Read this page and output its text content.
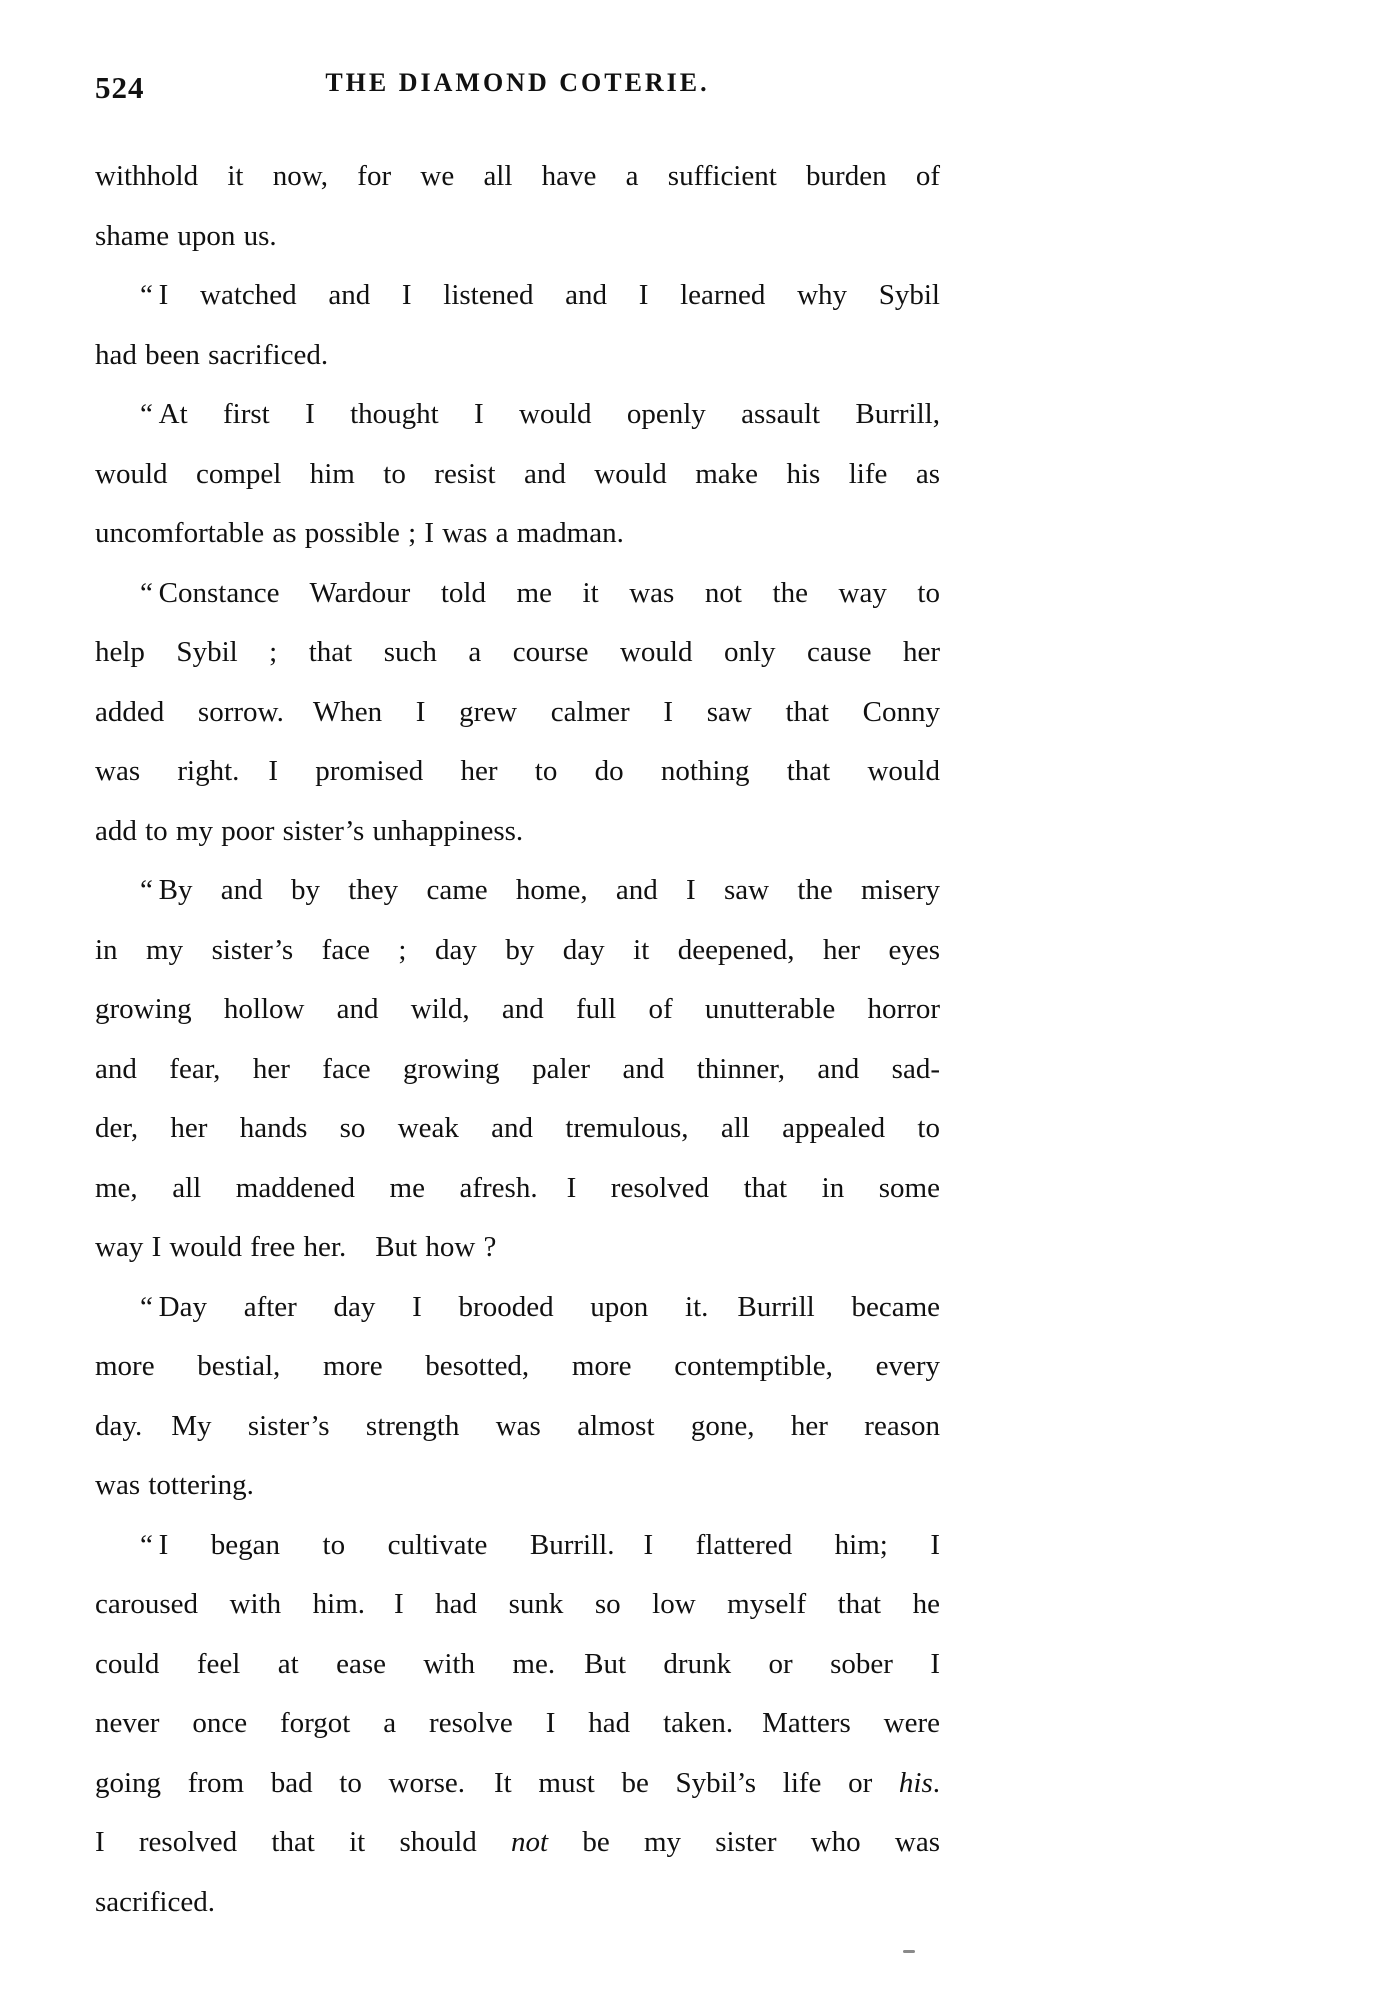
524	THE DIAMOND COTERIE.
withhold it now, for we all have a sufficient burden of
shame upon us.
“ I watched and I listened and I learned why Sybil
had been sacrificed.
“ At first I thought I would openly assault Burrill,
would compel him to resist and would make his life as
uncomfortable as possible ; I was a madman.
“ Constance Wardour told me it was not the way to
help Sybil ; that such a course would only cause her
added sorrow. When I grew calmer I saw that Conny
was right. I promised her to do nothing that would
add to my poor sister’s unhappiness.
“ By and by they came home, and I saw the misery
in my sister’s face ; day by day it deepened, her eyes
growing hollow and wild, and full of unutterable horror
and fear, her face growing paler and thinner, and sad-
der, her hands so weak and tremulous, all appealed to
me, all maddened me afresh. I resolved that in some
way I would free her. But how ?
“ Day after day I brooded upon it. Burrill became
more bestial, more besotted, more contemptible, every
day. My sister’s strength was almost gone, her reason
was tottering.
“ I began to cultivate Burrill. I flattered him; I
caroused with him. I had sunk so low myself that he
could feel at ease with me. But drunk or sober I
never once forgot a resolve I had taken. Matters were
going from bad to worse. It must be Sybil’s life or his.
I resolved that it should not be my sister who was
sacrificed.
